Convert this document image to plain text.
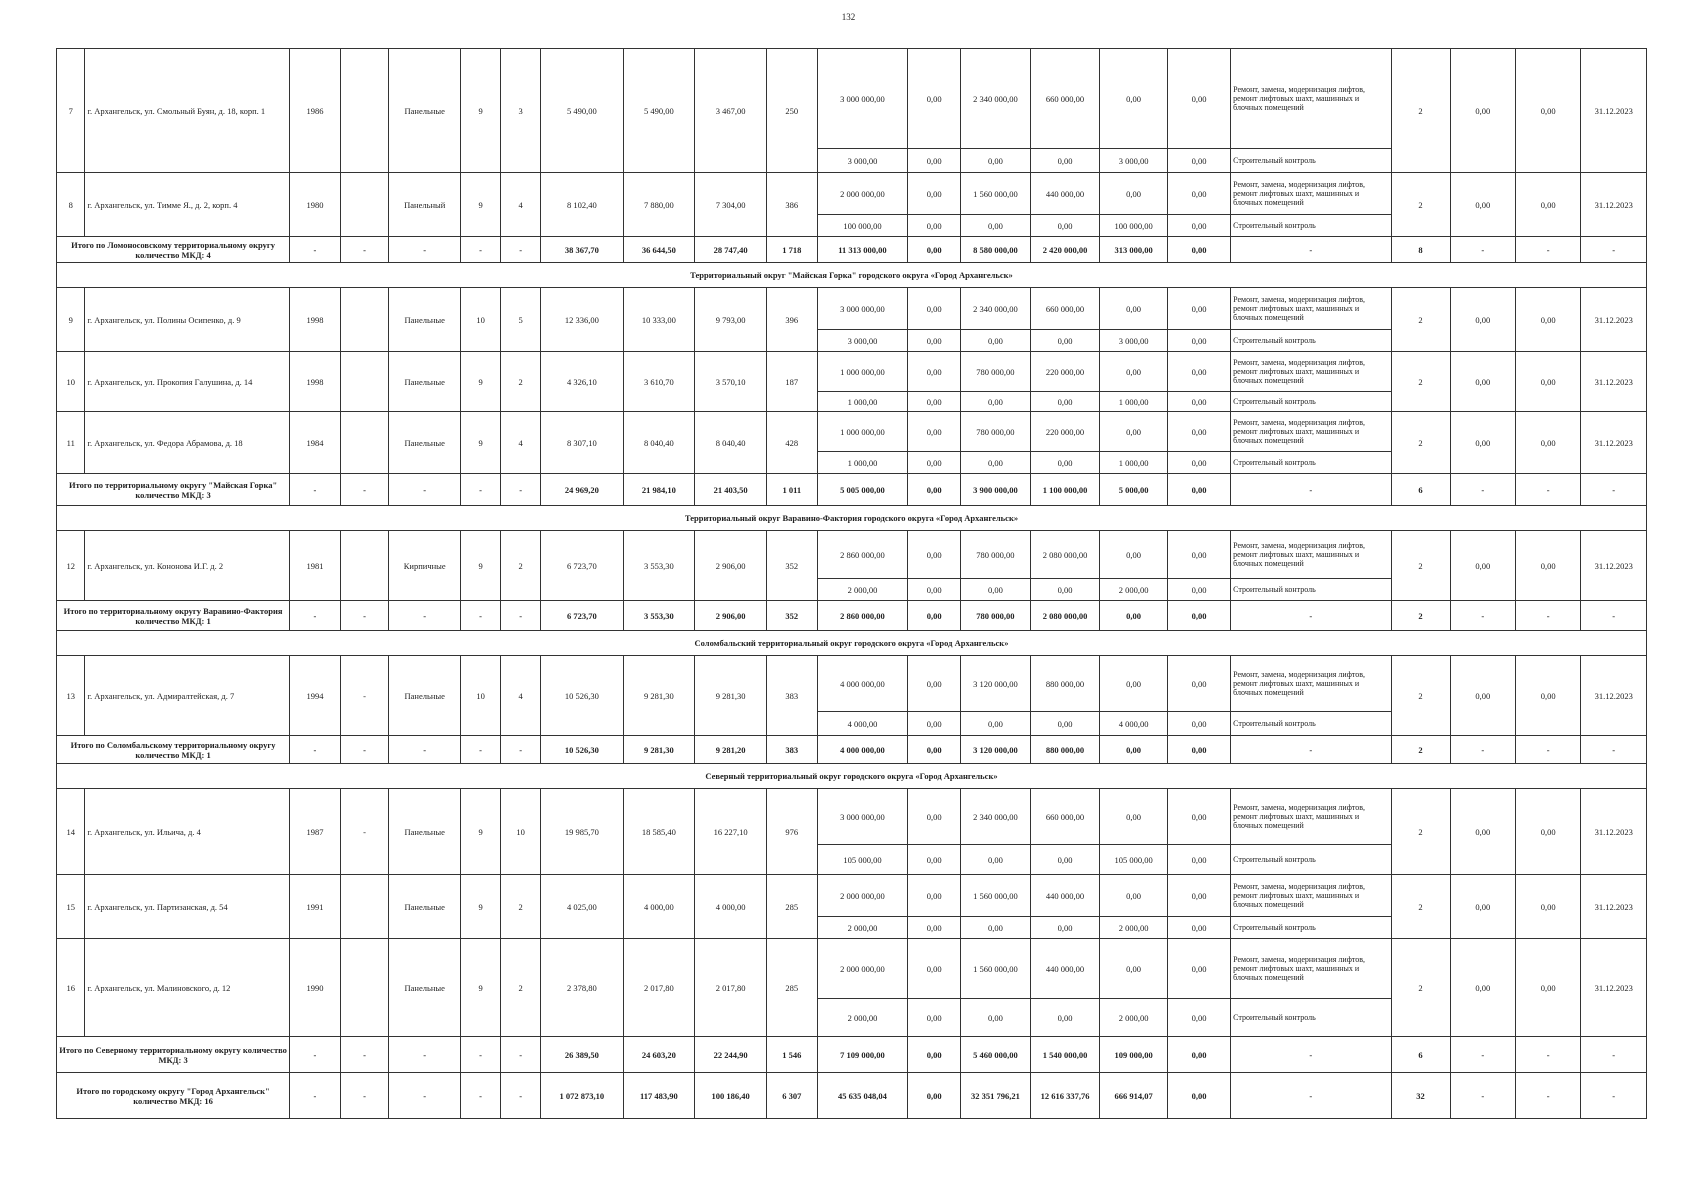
132
7	г. Архангельск, ул. Смольный Буян, д. 18, корп. 1	1986		Панельные	9	3	5 490,00	5 490,00	3 467,00	250	3 000 000,00	0,00	2 340 000,00	660 000,00	0,00	0,00	Ремонт, замена, модернизация лифтов, ремонт лифтовых шахт, машинных и блочных помещений	2	0,00	0,00	31.12.2023
											3 000,00	0,00	0,00	0,00	3 000,00	0,00	Строительный контроль				
8	г. Архангельск, ул. Тимме Я., д. 2, корп. 4	1980		Панельный	9	4	8 102,40	7 880,00	7 304,00	386	2 000 000,00	0,00	1 560 000,00	440 000,00	0,00	0,00	Ремонт, замена, модернизация лифтов, ремонт лифтовых шахт, машинных и блочных помещений	2	0,00	0,00	31.12.2023
											100 000,00	0,00	0,00	0,00	100 000,00	0,00	Строительный контроль				
Итого по Ломоносовскому территориальному округу количество МКД: 4		-	-	-	-	-	38 367,70	36 644,50	28 747,40	1 718	11 313 000,00	0,00	8 580 000,00	2 420 000,00	313 000,00	0,00	-	8	-	-	-
Территориальный округ "Майская Горка" городского округа «Город Архангельск»																					
9	г. Архангельск, ул. Полины Осипенко, д. 9	1998		Панельные	10	5	12 336,00	10 333,00	9 793,00	396	3 000 000,00	0,00	2 340 000,00	660 000,00	0,00	0,00	Ремонт, замена, модернизация лифтов, ремонт лифтовых шахт, машинных и блочных помещений	2	0,00	0,00	31.12.2023
											3 000,00	0,00	0,00	0,00	3 000,00	0,00	Строительный контроль				
10	г. Архангельск, ул. Прокопия Галушина, д. 14	1998		Панельные	9	2	4 326,10	3 610,70	3 570,10	187	1 000 000,00	0,00	780 000,00	220 000,00	0,00	0,00	Ремонт, замена, модернизация лифтов, ремонт лифтовых шахт, машинных и блочных помещений	2	0,00	0,00	31.12.2023
											1 000,00	0,00	0,00	0,00	1 000,00	0,00	Строительный контроль				
11	г. Архангельск, ул. Федора Абрамова, д. 18	1984		Панельные	9	4	8 307,10	8 040,40	8 040,40	428	1 000 000,00	0,00	780 000,00	220 000,00	0,00	0,00	Ремонт, замена, модернизация лифтов, ремонт лифтовых шахт, машинных и блочных помещений	2	0,00	0,00	31.12.2023
											1 000,00	0,00	0,00	0,00	1 000,00	0,00	Строительный контроль				
Итого по территориальному округу "Майская Горка" количество МКД: 3		-	-	-	-	-	24 969,20	21 984,10	21 403,50	1 011	5 005 000,00	0,00	3 900 000,00	1 100 000,00	5 000,00	0,00	-	6	-	-	-
Территориальный округ Варавино-Фактория городского округа «Город Архангельск»																					
12	г. Архангельск, ул. Кононова И.Г. д. 2	1981		Кирпичные	9	2	6 723,70	3 553,30	2 906,00	352	2 860 000,00	0,00	780 000,00	2 080 000,00	0,00	0,00	Ремонт, замена, модернизация лифтов, ремонт лифтовых шахт, машинных и блочных помещений	2	0,00	0,00	31.12.2023
											2 000,00	0,00	0,00	0,00	2 000,00	0,00	Строительный контроль				
Итого по территориальному округу Варавино-Фактория количество МКД: 1		-	-	-	-	-	6 723,70	3 553,30	2 906,00	352	2 860 000,00	0,00	780 000,00	2 080 000,00	0,00	0,00	-	2	-	-	-
Соломбальский территориальный округ городского округа «Город Архангельск»																					
13	г. Архангельск, ул. Адмиралтейская, д. 7	1994	-	Панельные	10	4	10 526,30	9 281,30	9 281,30	383	4 000 000,00	0,00	3 120 000,00	880 000,00	0,00	0,00	Ремонт, замена, модернизация лифтов, ремонт лифтовых шахт, машинных и блочных помещений	2	0,00	0,00	31.12.2023
											4 000,00	0,00	0,00	0,00	4 000,00	0,00	Строительный контроль				
Итого по Соломбальскому территориальному округу количество МКД: 1		-	-	-	-	-	10 526,30	9 281,30	9 281,20	383	4 000 000,00	0,00	3 120 000,00	880 000,00	0,00	0,00	-	2	-	-	-
Северный территориальный округ городского округа «Город Архангельск»																					
14	г. Архангельск, ул. Ильича, д. 4	1987	-	Панельные	9	10	19 985,70	18 585,40	16 227,10	976	3 000 000,00	0,00	2 340 000,00	660 000,00	0,00	0,00	Ремонт, замена, модернизация лифтов, ремонт лифтовых шахт, машинных и блочных помещений	2	0,00	0,00	31.12.2023
											105 000,00	0,00	0,00	0,00	105 000,00	0,00	Строительный контроль				
15	г. Архангельск, ул. Партизанская, д. 54	1991		Панельные	9	2	4 025,00	4 000,00	4 000,00	285	2 000 000,00	0,00	1 560 000,00	440 000,00	0,00	0,00	Ремонт, замена, модернизация лифтов, ремонт лифтовых шахт, машинных и блочных помещений	2	0,00	0,00	31.12.2023
											2 000,00	0,00	0,00	0,00	2 000,00	0,00	Строительный контроль				
16	г. Архангельск, ул. Малиновского, д. 12	1990		Панельные	9	2	2 378,80	2 017,80	2 017,80	285	2 000 000,00	0,00	1 560 000,00	440 000,00	0,00	0,00	Ремонт, замена, модернизация лифтов, ремонт лифтовых шахт, машинных и блочных помещений	2	0,00	0,00	31.12.2023
											2 000,00	0,00	0,00	0,00	2 000,00	0,00	Строительный контроль				
Итого по Северному территориальному округу количество МКД: 3		-	-	-	-	-	26 389,50	24 603,20	22 244,90	1 546	7 109 000,00	0,00	5 460 000,00	1 540 000,00	109 000,00	0,00	-	6	-	-	-
Итого по городскому округу "Город Архангельск" количество МКД: 16		-	-	-	-	-	1 072 873,10	117 483,90	100 186,40	6 307	45 635 048,04	0,00	32 351 796,21	12 616 337,76	666 914,07	0,00	-	32	-	-	-
